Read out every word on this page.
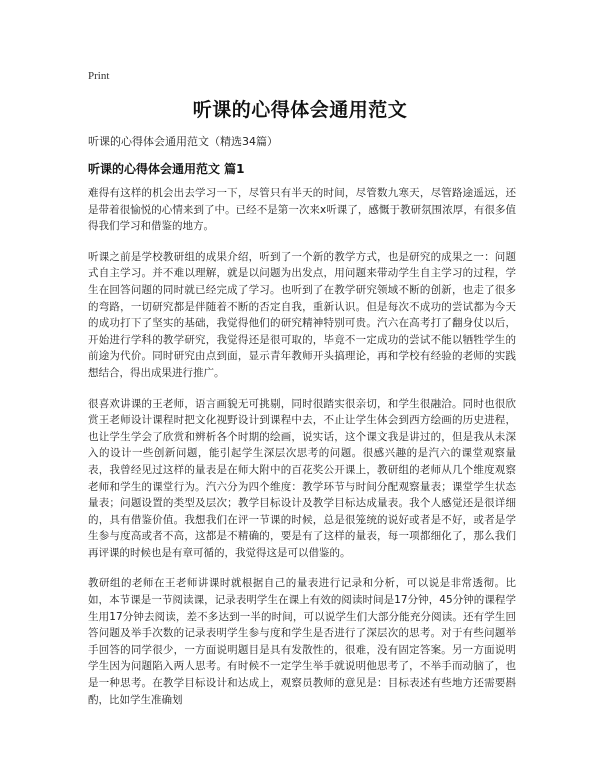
Print
听课的心得体会通用范文
听课的心得体会通用范文（精选34篇）
听课的心得体会通用范文 篇1

难得有这样的机会出去学习一下，尽管只有半天的时间，尽管数九寒天，尽管路途遥远，还是带着很愉悦的心情来到了中。已经不是第一次来x听课了，感慨于教研氛围浓厚，有很多值得我们学习和借鉴的地方。

听课之前是学校教研组的成果介绍，听到了一个新的教学方式，也是研究的成果之一：问题式自主学习。并不难以理解，就是以问题为出发点，用问题来带动学生自主学习的过程，学生在回答问题的同时就已经完成了学习。也听到了在教学研究领域不断的创新，也走了很多的弯路，一切研究都是伴随着不断的否定自我，重新认识。但是每次不成功的尝试都为今天的成功打下了坚实的基础，我觉得他们的研究精神特别可贵。汽六在高考打了翻身仗以后，开始进行学科的教学研究，我觉得还是很可取的，毕竟不一定成功的尝试不能以牺牲学生的前途为代价。同时研究由点到面，显示青年教师开头搞理论，再和学校有经验的老师的实践想结合，得出成果进行推广。

很喜欢讲课的王老师，语言画貌无可挑剔，同时很踏实很亲切，和学生很融洽。同时也很欣赏王老师设计课程时把文化视野设计到课程中去，不止让学生体会到西方绘画的历史进程，也让学生学会了欣赏和辨析各个时期的绘画，说实话，这个课文我是讲过的，但是我从未深入的设计一些创新问题，能引起学生深层次思考的问题。很感兴趣的是汽六的课堂观察量表，我曾经见过这样的量表是在师大附中的百花奖公开课上，教研组的老师从几个维度观察老师和学生的课堂行为。汽六分为四个维度：教学环节与时间分配观察量表；课堂学生状态量表；问题设置的类型及层次；教学目标设计及教学目标达成量表。我个人感觉还是很详细的，具有借鉴价值。我想我们在评一节课的时候，总是很笼统的说好或者是不好，或者是学生参与度高或者不高，这都是不精确的，要是有了这样的量表，每一项都细化了，那么我们再评课的时候也是有章可循的，我觉得这是可以借鉴的。

教研组的老师在王老师讲课时就根据自己的量表进行记录和分析，可以说是非常透彻。比如，本节课是一节阅读课，记录表明学生在课上有效的阅读时间是17分钟，45分钟的课程学生用17分钟去阅读，差不多达到一半的时间，可以说学生们大部分能充分阅读。还有学生回答问题及举手次数的记录表明学生参与度和学生是否进行了深层次的思考。对于有些问题举手回答的同学很少，一方面说明题目是具有发散性的，很难，没有固定答案。另一方面说明学生因为问题陷入两人思考。有时候不一定学生举手就说明他思考了，不举手而动脑了，也是一种思考。在教学目标设计和达成上，观察员教师的意见是：目标表述有些地方还需要斟酌，比如学生准确划
